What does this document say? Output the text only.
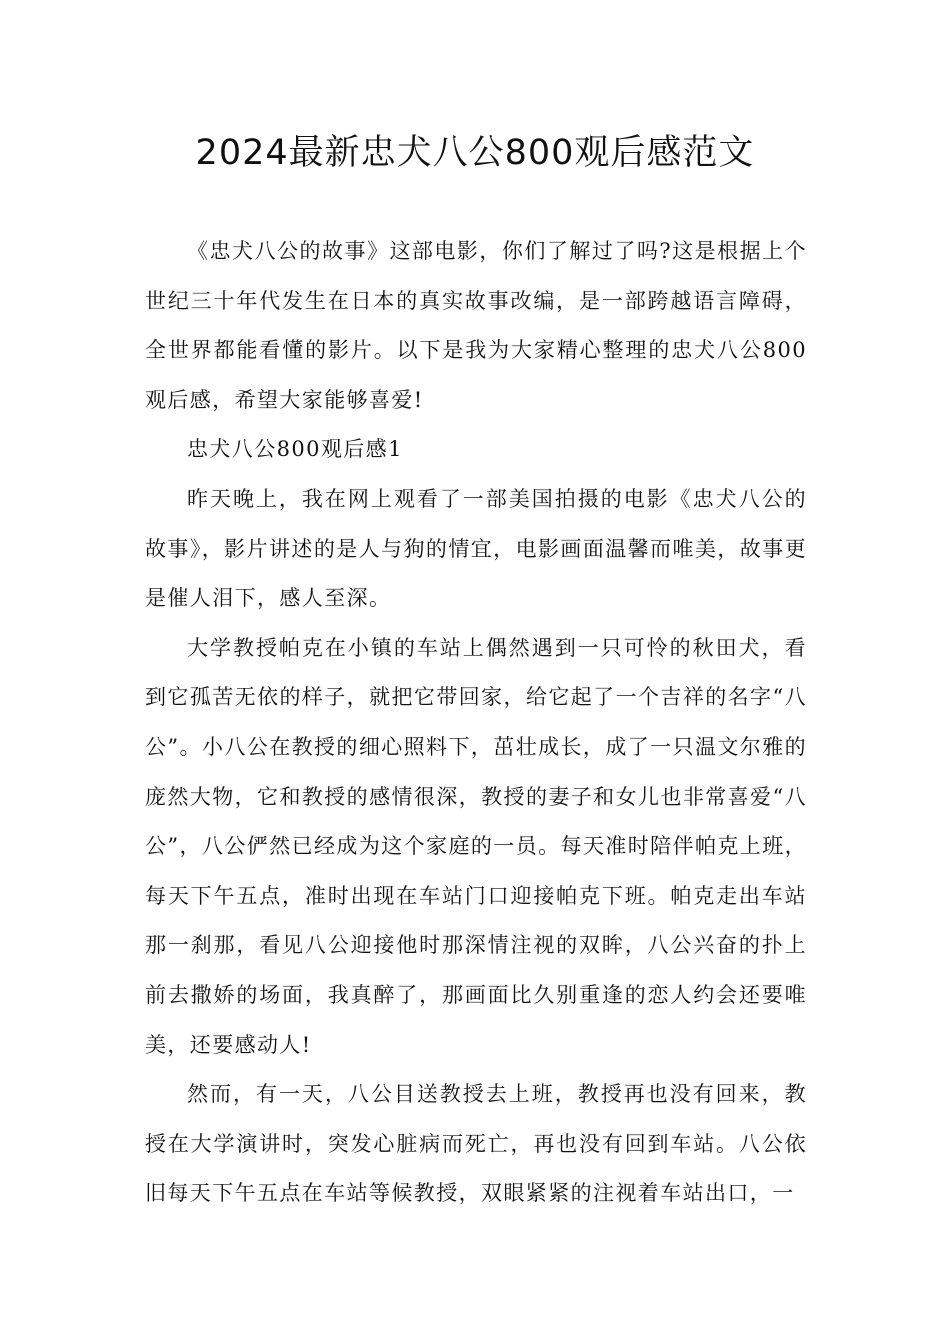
2024最新忠犬八公800观后感范文

《忠犬八公的故事》这部电影，你们了解过了吗?这是根据上个世纪三十年代发生在日本的真实故事改编，是一部跨越语言障碍，全世界都能看懂的影片。以下是我为大家精心整理的忠犬八公800观后感，希望大家能够喜爱!

忠犬八公800观后感1

昨天晚上，我在网上观看了一部美国拍摄的电影《忠犬八公的故事》，影片讲述的是人与狗的情宜，电影画面温馨而唯美，故事更是催人泪下，感人至深。

大学教授帕克在小镇的车站上偶然遇到一只可怜的秋田犬，看到它孤苦无依的样子，就把它带回家，给它起了一个吉祥的名字“八公”。小八公在教授的细心照料下，茁壮成长，成了一只温文尔雅的庞然大物，它和教授的感情很深，教授的妻子和女儿也非常喜爱“八公”，八公俨然已经成为这个家庭的一员。每天准时陪伴帕克上班，每天下午五点，准时出现在车站门口迎接帕克下班。帕克走出车站那一刹那，看见八公迎接他时那深情注视的双眸，八公兴奋的扑上前去撒娇的场面，我真醉了，那画面比久别重逢的恋人约会还要唯美，还要感动人!

然而，有一天，八公目送教授去上班，教授再也没有回来，教授在大学演讲时，突发心脏病而死亡，再也没有回到车站。八公依旧每天下午五点在车站等候教授，双眼紧紧的注视着车站出口，一
